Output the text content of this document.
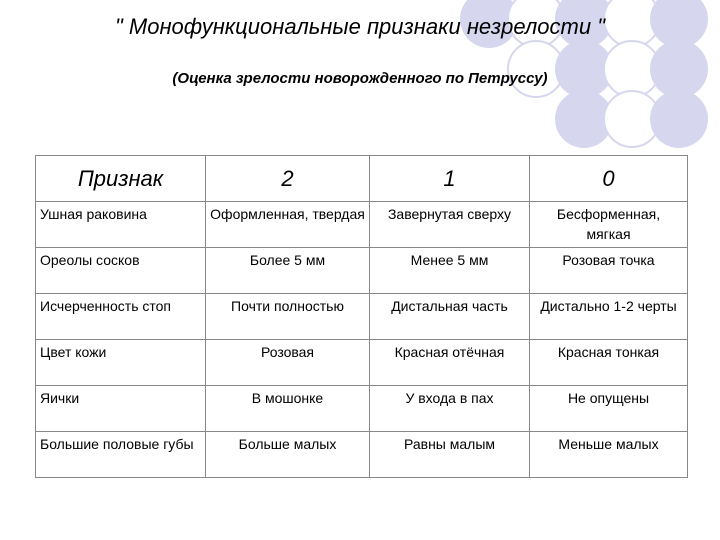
" Монофункциональные признаки незрелости "
(Оценка зрелости новорожденного по Петруссу)
Признак	2	1	0
Ушная раковина	Оформленная, твердая	Завернутая сверху	Бесформенная, мягкая
Ореолы сосков	Более 5 мм	Менее 5 мм	Розовая точка
Исчерченность стоп	Почти полностью	Дистальная часть	Дистально 1-2 черты
Цвет кожи	Розовая	Красная отёчная	Красная тонкая
Яички	В мошонке	У входа в пах	Не опущены
Большие половые губы	Больше малых	Равны малым	Меньше малых
